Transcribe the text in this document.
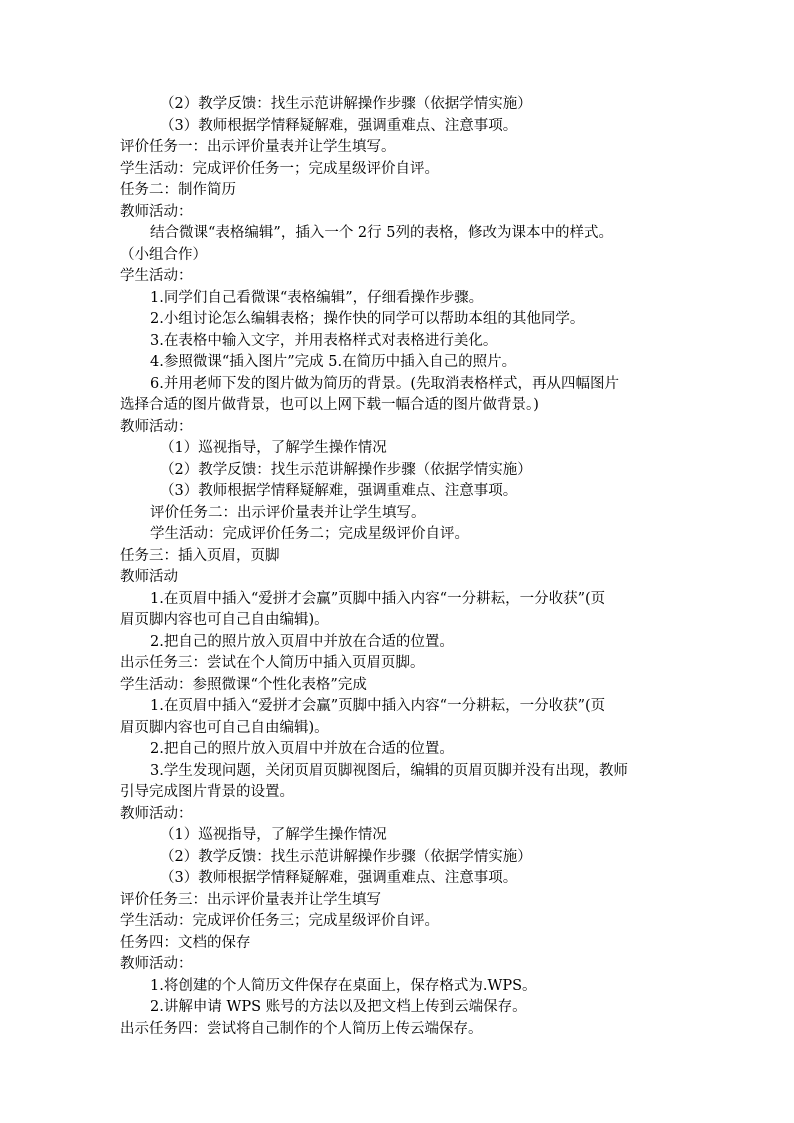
（2）教学反馈：找生示范讲解操作步骤（依据学情实施）
（3）教师根据学情释疑解难，强调重难点、注意事项。
评价任务一：出示评价量表并让学生填写。
学生活动：完成评价任务一；完成星级评价自评。
任务二：制作简历
教师活动：
结合微课“表格编辑”，插入一个 2行 5列的表格，修改为课本中的样式。
（小组合作）
学生活动：
1.同学们自己看微课“表格编辑”，仔细看操作步骤。
2.小组讨论怎么编辑表格；操作快的同学可以帮助本组的其他同学。
3.在表格中输入文字，并用表格样式对表格进行美化。
4.参照微课“插入图片”完成 5.在简历中插入自己的照片。
6.并用老师下发的图片做为简历的背景。(先取消表格样式，再从四幅图片
选择合适的图片做背景，也可以上网下载一幅合适的图片做背景。)
教师活动：
（1）巡视指导，了解学生操作情况
（2）教学反馈：找生示范讲解操作步骤（依据学情实施）
（3）教师根据学情释疑解难，强调重难点、注意事项。
评价任务二：出示评价量表并让学生填写。
学生活动：完成评价任务二；完成星级评价自评。
任务三：插入页眉，页脚
教师活动
1.在页眉中插入“爱拼才会赢”页脚中插入内容“一分耕耘，一分收获”(页
眉页脚内容也可自己自由编辑)。
2.把自己的照片放入页眉中并放在合适的位置。
出示任务三：尝试在个人简历中插入页眉页脚。
学生活动：参照微课“个性化表格”完成
1.在页眉中插入“爱拼才会赢”页脚中插入内容“一分耕耘，一分收获”(页
眉页脚内容也可自己自由编辑)。
2.把自己的照片放入页眉中并放在合适的位置。
3.学生发现问题，关闭页眉页脚视图后，编辑的页眉页脚并没有出现，教师
引导完成图片背景的设置。
教师活动：
（1）巡视指导，了解学生操作情况
（2）教学反馈：找生示范讲解操作步骤（依据学情实施）
（3）教师根据学情释疑解难，强调重难点、注意事项。
评价任务三：出示评价量表并让学生填写
学生活动：完成评价任务三；完成星级评价自评。
任务四：文档的保存
教师活动：
1.将创建的个人简历文件保存在桌面上，保存格式为.WPS。
2.讲解申请 WPS 账号的方法以及把文档上传到云端保存。
出示任务四：尝试将自己制作的个人简历上传云端保存。
